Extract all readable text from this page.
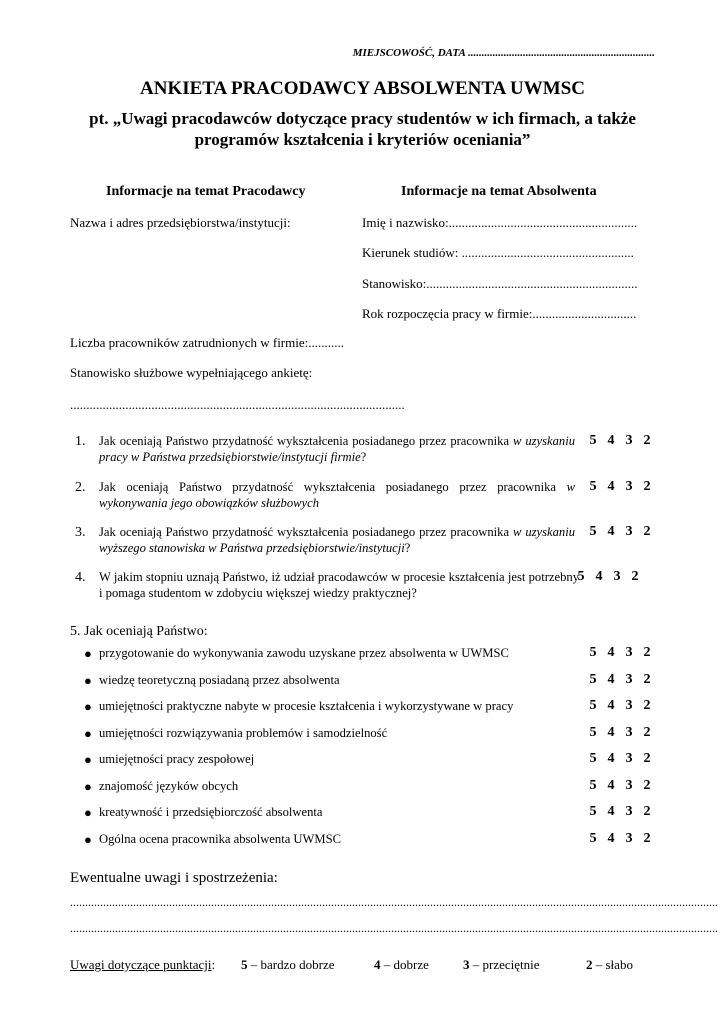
MIEJSCOWOŚĆ, DATA ....................................................................
ANKIETA PRACODAWCY ABSOLWENTA UWMSC
pt. „Uwagi pracodawców dotyczące pracy studentów w ich firmach, a także
programów kształcenia i kryteriów oceniania”
Informacje na temat Pracodawcy	Informacje na temat Absolwenta
Nazwa i adres przedsiębiorstwa/instytucji:
Liczba pracowników zatrudnionych w firmie:...........
Stanowisko służbowe wypełniającego ankietę:
.......................................................................................................
Imię i nazwisko:..........................................................
Kierunek studiów: .....................................................
Stanowisko:.................................................................
Rok rozpoczęcia pracy w firmie:................................
1. Jak oceniają Państwo przydatność wykształcenia posiadanego przez pracownika w uzyskaniu pracy w Państwa przedsiębiorstwie/instytucji firmie?
5 4 3 2
2. Jak oceniają Państwo przydatność wykształcenia posiadanego przez pracownika w wykonywania jego obowiązków służbowych
5 4 3 2
3. Jak oceniają Państwo przydatność wykształcenia posiadanego przez pracownika w uzyskaniu wyższego stanowiska w Państwa przedsiębiorstwie/instytucji?
5 4 3 2
4. W jakim stopniu uznają Państwo, iż udział pracodawców w procesie kształcenia jest potrzebny i pomaga studentom w zdobyciu większej wiedzy praktycznej?
5 4 3 2
5. Jak oceniają Państwo:
● przygotowanie do wykonywania zawodu uzyskane przez absolwenta w UWMSC	5 4 3 2
● wiedzę teoretyczną posiadaną przez absolwenta	5 4 3 2
● umiejętności praktyczne nabyte w procesie kształcenia i wykorzystywane w pracy	5 4 3 2
● umiejętności rozwiązywania problemów i samodzielność	5 4 3 2
● umiejętności pracy zespołowej	5 4 3 2
● znajomość języków obcych	5 4 3 2
● kreatywność i przedsiębiorczość absolwenta	5 4 3 2
● Ogólna ocena pracownika absolwenta UWMSC	5 4 3 2
Ewentualne uwagi i spostrzeżenia:
........................................................................................................................................................................................................................
........................................................................................................................................................................................................................
Uwagi dotyczące punktacji: 5 – bardzo dobrze	4 – dobrze	3 – przeciętnie	2 – słabo
